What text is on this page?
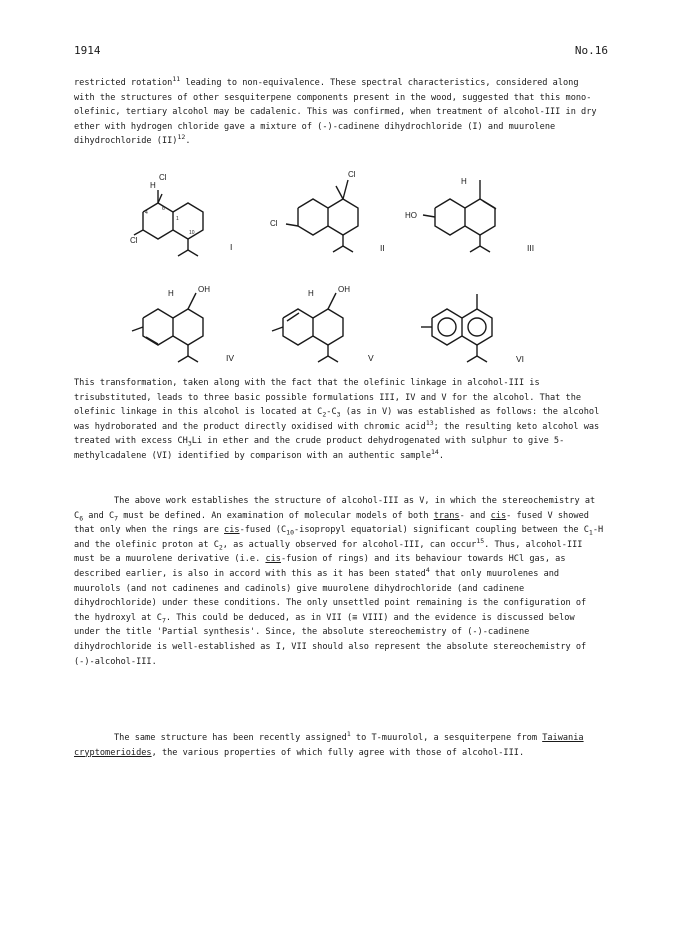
1914	No.16

restricted rotation$^{11}$ leading to non-equivalence. These spectral characteristics, considered along with the structures of other sesquiterpene components present in the wood, suggested that this mono-olefinic, tertiary alcohol may be cadalenic. This was confirmed, when treatment of alcohol-III in dry ether with hydrogen chloride gave a mixture of (-)-cadinene dihydrochloride (I) and muurolene dihydrochloride (II)$^{12}$.

Cl
H
Cl
4
6
1
10
I
Cl
Cl
II
H
HO
III
H	OH
IV
H	OH
V	VI

This transformation, taken along with the fact that the olefinic linkage in alcohol-III is trisubstituted, leads to three basic possible formulations III, IV and V for the alcohol. That the olefinic linkage in this alcohol is located at $C_2-C_3$ (as in V) was established as follows: the alcohol was hydroborated and the product directly oxidised with chromic acid$^{13}$; the resulting keto alcohol was treated with excess $CH_3Li$ in ether and the crude product dehydrogenated with sulphur to give 5-methylcadalene (VI) identified by comparison with an authentic sample$^{14}$.

The above work establishes the structure of alcohol-III as V, in which the stereochemistry at $C_6$ and $C_7$ must be defined. An examination of molecular models of both trans- and cis- fused V showed that only when the rings are cis-fused ($C_{10}$-isopropyl equatorial) significant coupling between the $C_1-H$ and the olefinic proton at $C_2$, as actually observed for alcohol-III, can occur$^{15}$. Thus, alcohol-III must be a muurolene derivative (i.e. cis-fusion of rings) and its behaviour towards HCl gas, as described earlier, is also in accord with this as it has been stated$^4$ that only muurolenes and muurolols (and not cadinenes and cadinols) give muurolene dihydrochloride (and cadinene dihydrochloride) under these conditions. The only unsettled point remaining is the configuration of the hydroxyl at $C_7$. This could be deduced, as in VII (≡ VIII) and the evidence is discussed below under the title 'Partial synthesis'. Since, the absolute stereochemistry of (-)-cadinene dihydrochloride is well-established as I, VII should also represent the absolute stereochemistry of (-)-alcohol-III.

The same structure has been recently assigned$^1$ to T-muurolol, a sesquiterpene from Taiwania cryptomerioides, the various properties of which fully agree with those of alcohol-III.
